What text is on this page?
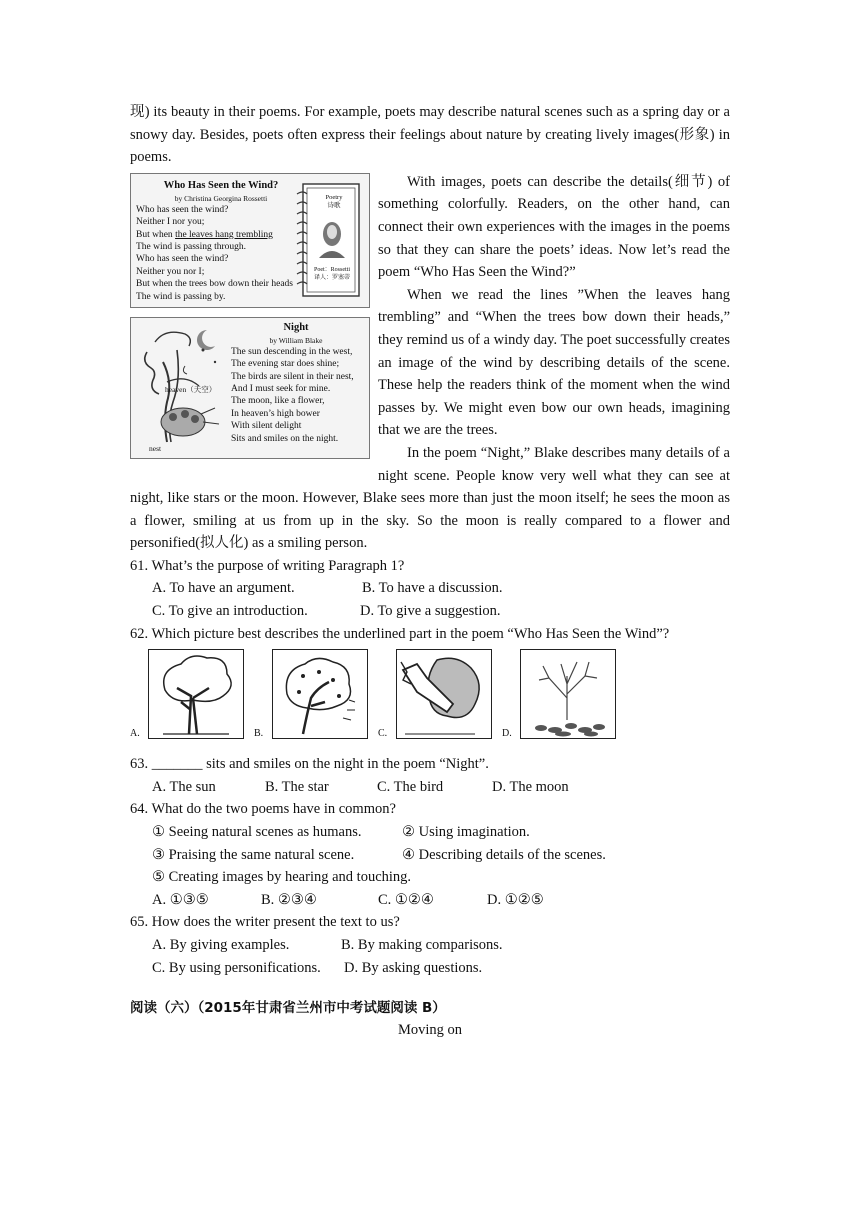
现) its beauty in their poems. For example, poets may describe natural scenes such as a spring day or a snowy day. Besides, poets often express their feelings about nature by creating lively images(形象) in poems.

Who Has Seen the Wind?
by Christina Georgina Rossetti
Who has seen the wind?
Neither I nor you;
But when the leaves hang trembling
The wind is passing through.
Who has seen the wind?
Neither you nor I;
But when the trees bow down their heads
The wind is passing by.
Poetry
诗歌
Poet：Rossetti
译人：罗塞蒂
Night
by William Blake
The sun descending in the west,
The evening star does shine;
The birds are silent in their nest,
And I must seek for mine.
The moon, like a flower,
In heaven’s high bower
With silent delight
Sits and smiles on the night.
heaven（天空）
nest

With images, poets can describe the details(细节) of something colorfully. Readers, on the other hand, can connect their own experiences with the images in the poems so that they can share the poets’ ideas. Now let’s read the poem “Who Has Seen the Wind?”

When we read the lines ”When the leaves hang trembling” and “When the trees bow down their heads,” they remind us of a windy day. The poet successfully creates an image of the wind by describing details of the scene. These help the readers think of the moment when the wind passes by. We might even bow our own heads, imagining that we are the trees.

In the poem “Night,” Blake describes many details of a night scene. People know very well what they can see at night, like stars or the moon. However, Blake sees more than just the moon itself; he sees the moon as a flower, smiling at us from up in the sky. So the moon is really compared to a flower and personified(拟人化) as a smiling person.

61. What’s the purpose of writing Paragraph 1?
A. To have an argument.	B. To have a discussion.
C. To give an introduction.	D. To give a suggestion.
62. Which picture best describes the underlined part in the poem “Who Has Seen the Wind”?
A.	B.	C.	D.
63. _______ sits and smiles on the night in the poem “Night”.
A. The sun	B. The star	C. The bird	D. The moon
64. What do the two poems have in common?
① Seeing natural scenes as humans.	② Using imagination.
③ Praising the same natural scene.	④ Describing details of the scenes.
⑤ Creating images by hearing and touching.
A. ①③⑤	B. ②③④	C. ①②④	D. ①②⑤
65. How does the writer present the text to us?
A. By giving examples.	B. By making comparisons.
C. By using personifications. D. By asking questions.
阅读（六）（2015年甘肃省兰州市中考试题阅读 B）
Moving on
